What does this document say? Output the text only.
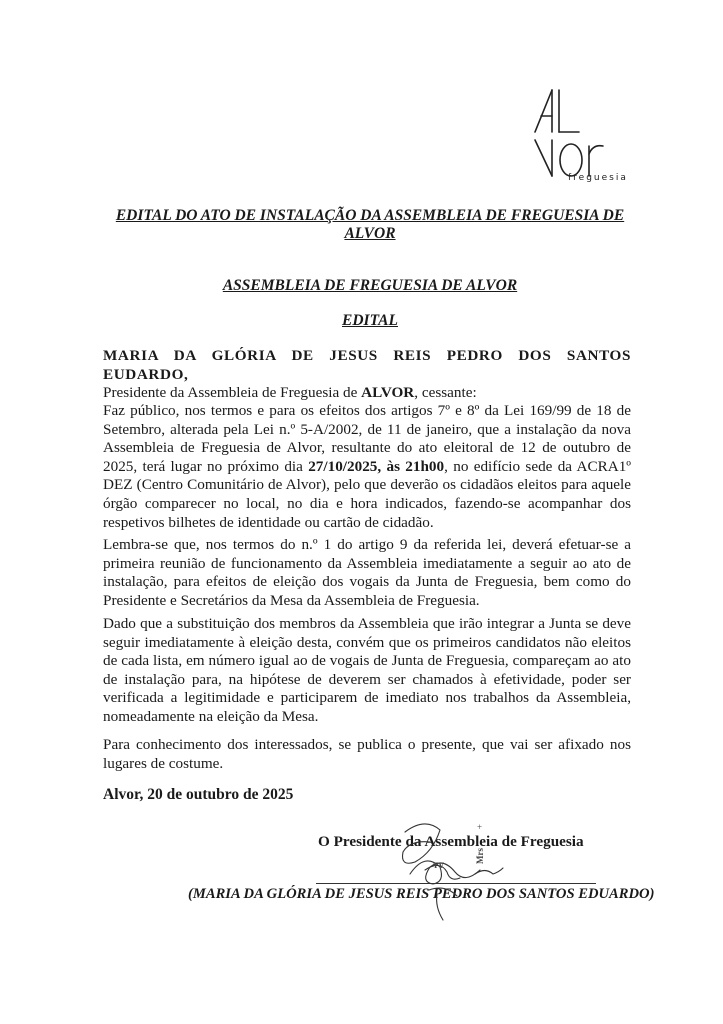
freguesia
EDITAL DO ATO DE INSTALAÇÃO DA ASSEMBLEIA DE FREGUESIA DE ALVOR
ASSEMBLEIA DE FREGUESIA DE ALVOR
EDITAL
MARIA DA GLÓRIA DE JESUS REIS PEDRO DOS SANTOS EUDARDO,
Presidente da Assembleia de Freguesia de ALVOR, cessante:
Faz público, nos termos e para os efeitos dos artigos 7º e 8º da Lei 169/99 de 18 de Setembro, alterada pela Lei n.º 5-A/2002, de 11 de janeiro, que a instalação da nova Assembleia de Freguesia de Alvor, resultante do ato eleitoral de 12 de outubro de 2025, terá lugar no próximo dia 27/10/2025, às 21h00, no edifício sede da ACRA1º DEZ (Centro Comunitário de Alvor), pelo que deverão os cidadãos eleitos para aquele órgão comparecer no local, no dia e hora indicados, fazendo-se acompanhar dos respetivos bilhetes de identidade ou cartão de cidadão.
Lembra-se que, nos termos do n.º 1 do artigo 9 da referida lei, deverá efetuar-se a primeira reunião de funcionamento da Assembleia imediatamente a seguir ao ato de instalação, para efeitos de eleição dos vogais da Junta de Freguesia, bem como do Presidente e Secretários da Mesa da Assembleia de Freguesia.
Dado que a substituição dos membros da Assembleia que irão integrar a Junta se deve seguir imediatamente à eleição desta, convém que os primeiros candidatos não eleitos de cada lista, em número igual ao de vogais de Junta de Freguesia, compareçam ao ato de instalação para, na hipótese de deverem ser chamados à efetividade, poder ser verificada a legitimidade e participarem de imediato nos trabalhos da Assembleia, nomeadamente na eleição da Mesa.
Para conhecimento dos interessados, se publica o presente, que vai ser afixado nos lugares de costume.
Alvor, 20 de outubro de 2025
O Presidente da Assembleia de Freguesia
(MARIA DA GLÓRIA DE JESUS REIS PEDRO DOS SANTOS EDUARDO)
+
TV
Mrs
